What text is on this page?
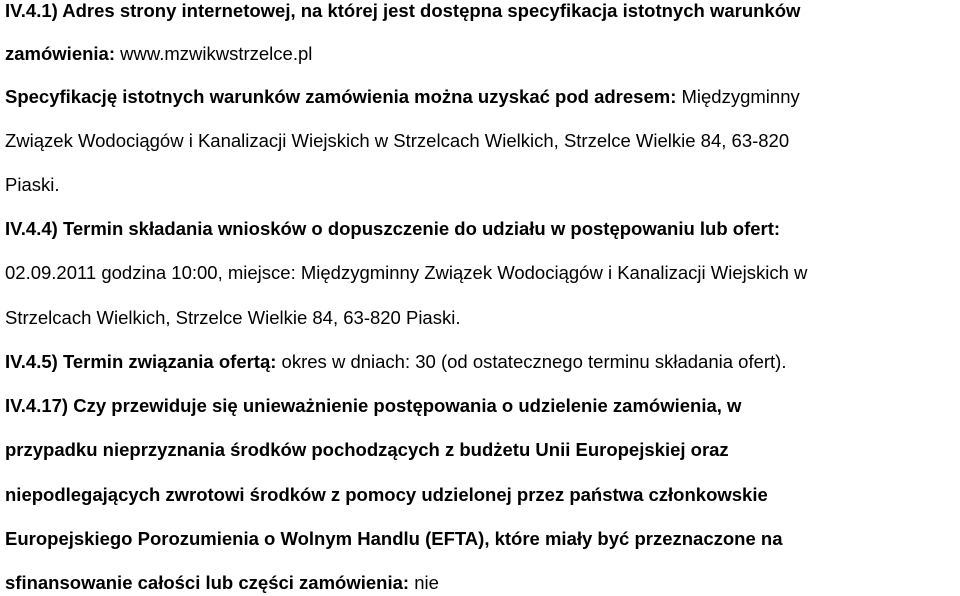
IV.4.1) Adres strony internetowej, na której jest dostępna specyfikacja istotnych warunków
zamówienia: www.mzwikwstrzelce.pl
Specyfikację istotnych warunków zamówienia można uzyskać pod adresem: Międzygminny
Związek Wodociągów i Kanalizacji Wiejskich w Strzelcach Wielkich, Strzelce Wielkie 84, 63-820
Piaski.
IV.4.4) Termin składania wniosków o dopuszczenie do udziału w postępowaniu lub ofert:
02.09.2011 godzina 10:00, miejsce: Międzygminny Związek Wodociągów i Kanalizacji Wiejskich w
Strzelcach Wielkich, Strzelce Wielkie 84, 63-820 Piaski.
IV.4.5) Termin związania ofertą: okres w dniach: 30 (od ostatecznego terminu składania ofert).
IV.4.17) Czy przewiduje się unieważnienie postępowania o udzielenie zamówienia, w
przypadku nieprzyznania środków pochodzących z budżetu Unii Europejskiej oraz
niepodlegających zwrotowi środków z pomocy udzielonej przez państwa członkowskie
Europejskiego Porozumienia o Wolnym Handlu (EFTA), które miały być przeznaczone na
sfinansowanie całości lub części zamówienia: nie
